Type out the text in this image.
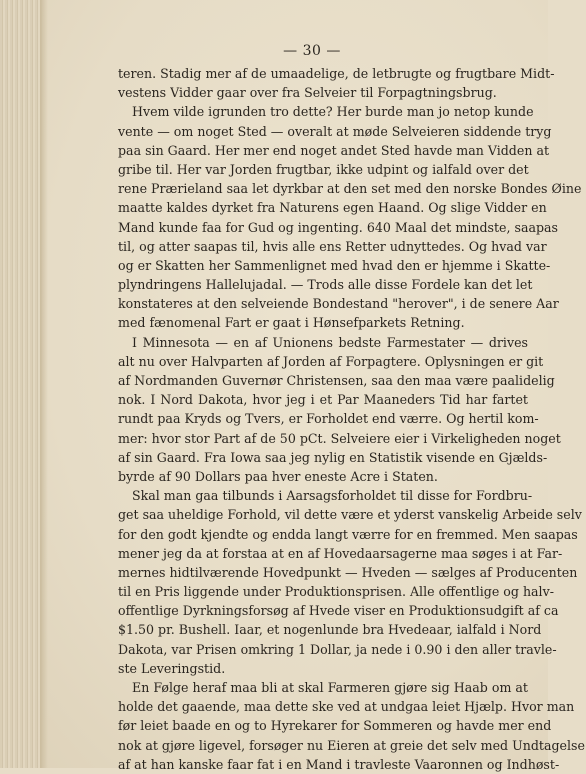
— 30 —
teren. Stadig mer af de umaadelige, de letbrugte og frugtbare Midt-
vestens Vidder gaar over fra Selveier til Forpagtningsbrug.
Hvem vilde igrunden tro dette? Her burde man jo netop kunde
vente — om noget Sted — overalt at møde Selveieren siddende tryg
paa sin Gaard. Her mer end noget andet Sted havde man Vidden at
gribe til. Her var Jorden frugtbar, ikke udpint og ialfald over det
rene Prærieland saa let dyrkbar at den set med den norske Bondes Øine
maatte kaldes dyrket fra Naturens egen Haand. Og slige Vidder en
Mand kunde faa for Gud og ingenting. 640 Maal det mindste, saapas
til, og atter saapas til, hvis alle ens Retter udnyttedes. Og hvad var
og er Skatten her Sammenlignet med hvad den er hjemme i Skatte-
plyndringens Hallelujadal. — Trods alle disse Fordele kan det let
konstateres at den selveiende Bondestand "herover", i de senere Aar
med fænomenal Fart er gaat i Hønsefparkets Retning.
I Minnesota — en af Unionens bedste Farmestater — drives
alt nu over Halvparten af Jorden af Forpagtere. Oplysningen er git
af Nordmanden Guvernør Christensen, saa den maa være paalidelig
nok. I Nord Dakota, hvor jeg i et Par Maaneders Tid har fartet
rundt paa Kryds og Tvers, er Forholdet end værre. Og hertil kom-
mer: hvor stor Part af de 50 pCt. Selveiere eier i Virkeligheden noget
af sin Gaard. Fra Iowa saa jeg nylig en Statistik visende en Gjælds-
byrde af 90 Dollars paa hver eneste Acre i Staten.
Skal man gaa tilbunds i Aarsagsforholdet til disse for Fordbru-
get saa uheldige Forhold, vil dette være et yderst vanskelig Arbeide selv
for den godt kjendte og endda langt værre for en fremmed. Men saapas
mener jeg da at forstaa at en af Hovedaarsagerne maa søges i at Far-
mernes hidtilværende Hovedpunkt — Hveden — sælges af Producenten
til en Pris liggende under Produktionsprisen. Alle offentlige og halv-
offentlige Dyrkningsforsøg af Hvede viser en Produktionsudgift af ca
$1.50 pr. Bushell. Iaar, et nogenlunde bra Hvedeaar, ialfald i Nord
Dakota, var Prisen omkring 1 Dollar, ja nede i 0.90 i den aller travle-
ste Leveringstid.
En Følge heraf maa bli at skal Farmeren gjøre sig Haab om at
holde det gaaende, maa dette ske ved at undgaa leiet Hjælp. Hvor man
før leiet baade en og to Hyrekarer for Sommeren og havde mer end
nok at gjøre ligevel, forsøger nu Eieren at greie det selv med Undtagelse
af at han kanske faar fat i en Mand i travleste Vaaronnen og Indhøst-
